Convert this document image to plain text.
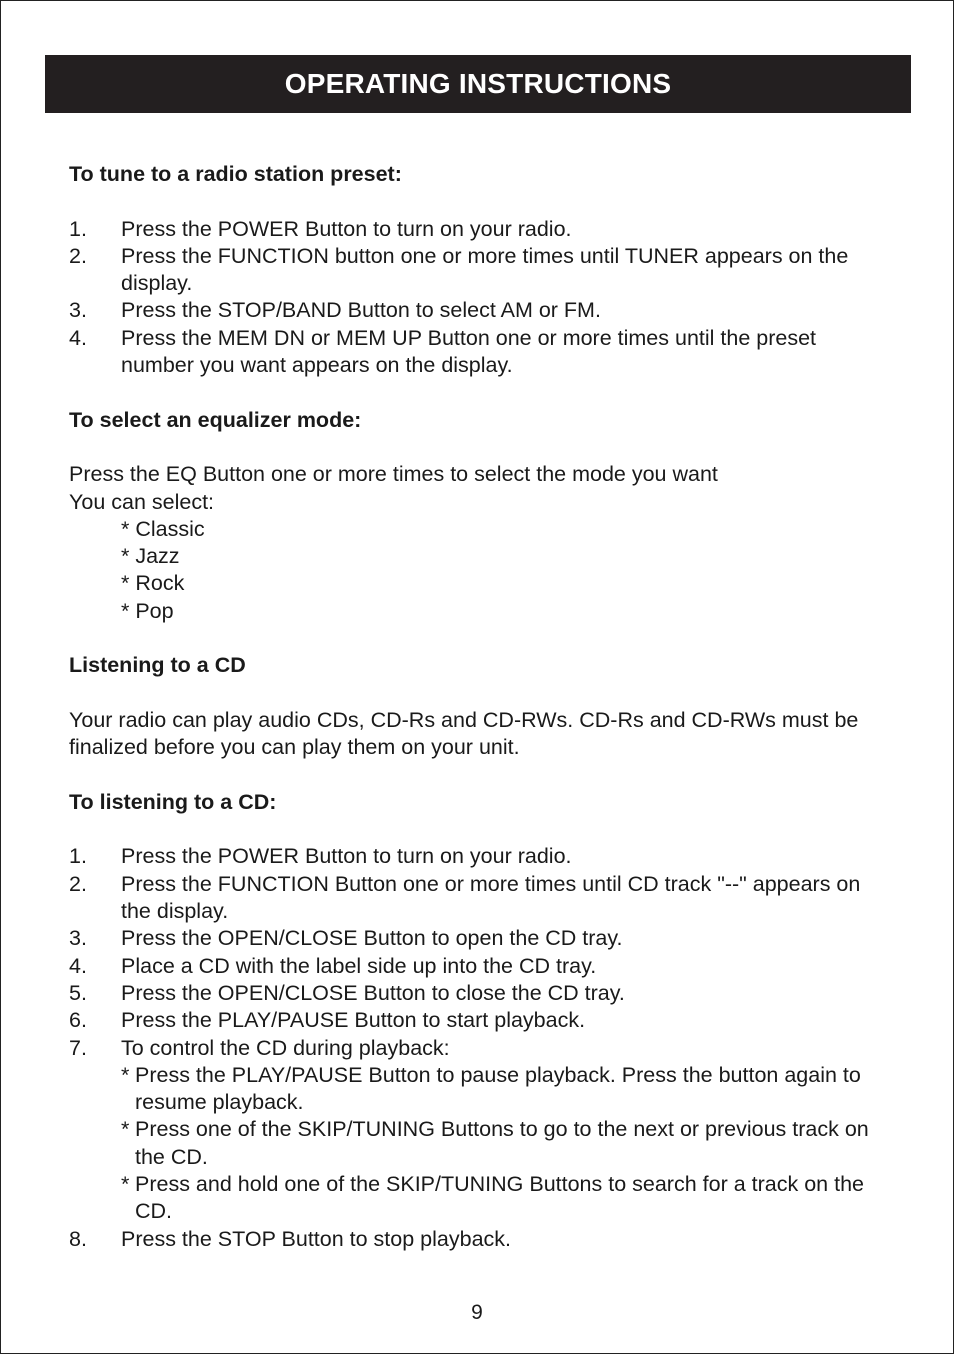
OPERATING INSTRUCTIONS

To tune to a radio station preset:

1.	Press the POWER Button to turn on your radio.
2.	Press the FUNCTION button one or more times until TUNER appears on the display.
3.	Press the STOP/BAND Button to select AM or FM.
4.	Press the MEM DN or MEM UP Button one or more times until the preset number you want appears on the display.

To select an equalizer mode:

Press the EQ Button one or more times to select the mode you want

You can select:

* Classic

* Jazz

* Rock

* Pop

Listening to a CD

Your radio can play audio CDs, CD-Rs and CD-RWs. CD-Rs and CD-RWs must be finalized before you can play them on your unit.

To listening to a CD:

1.	Press the POWER Button to turn on your radio.
2.	Press the FUNCTION Button one or more times until CD track "--" appears on the display.
3.	Press the OPEN/CLOSE Button to open the CD tray.
4.	Place a CD with the label side up into the CD tray.
5.	Press the OPEN/CLOSE Button to close the CD tray.
6.	Press the PLAY/PAUSE Button to start playback.
7.	To control the CD during playback:
* Press the PLAY/PAUSE Button to pause playback. Press the button again to resume playback.
* Press one of the SKIP/TUNING Buttons to go to the next or previous track on the CD.
* Press and hold one of the SKIP/TUNING Buttons to search for a track on the CD.
8.	Press the STOP Button to stop playback.
9
